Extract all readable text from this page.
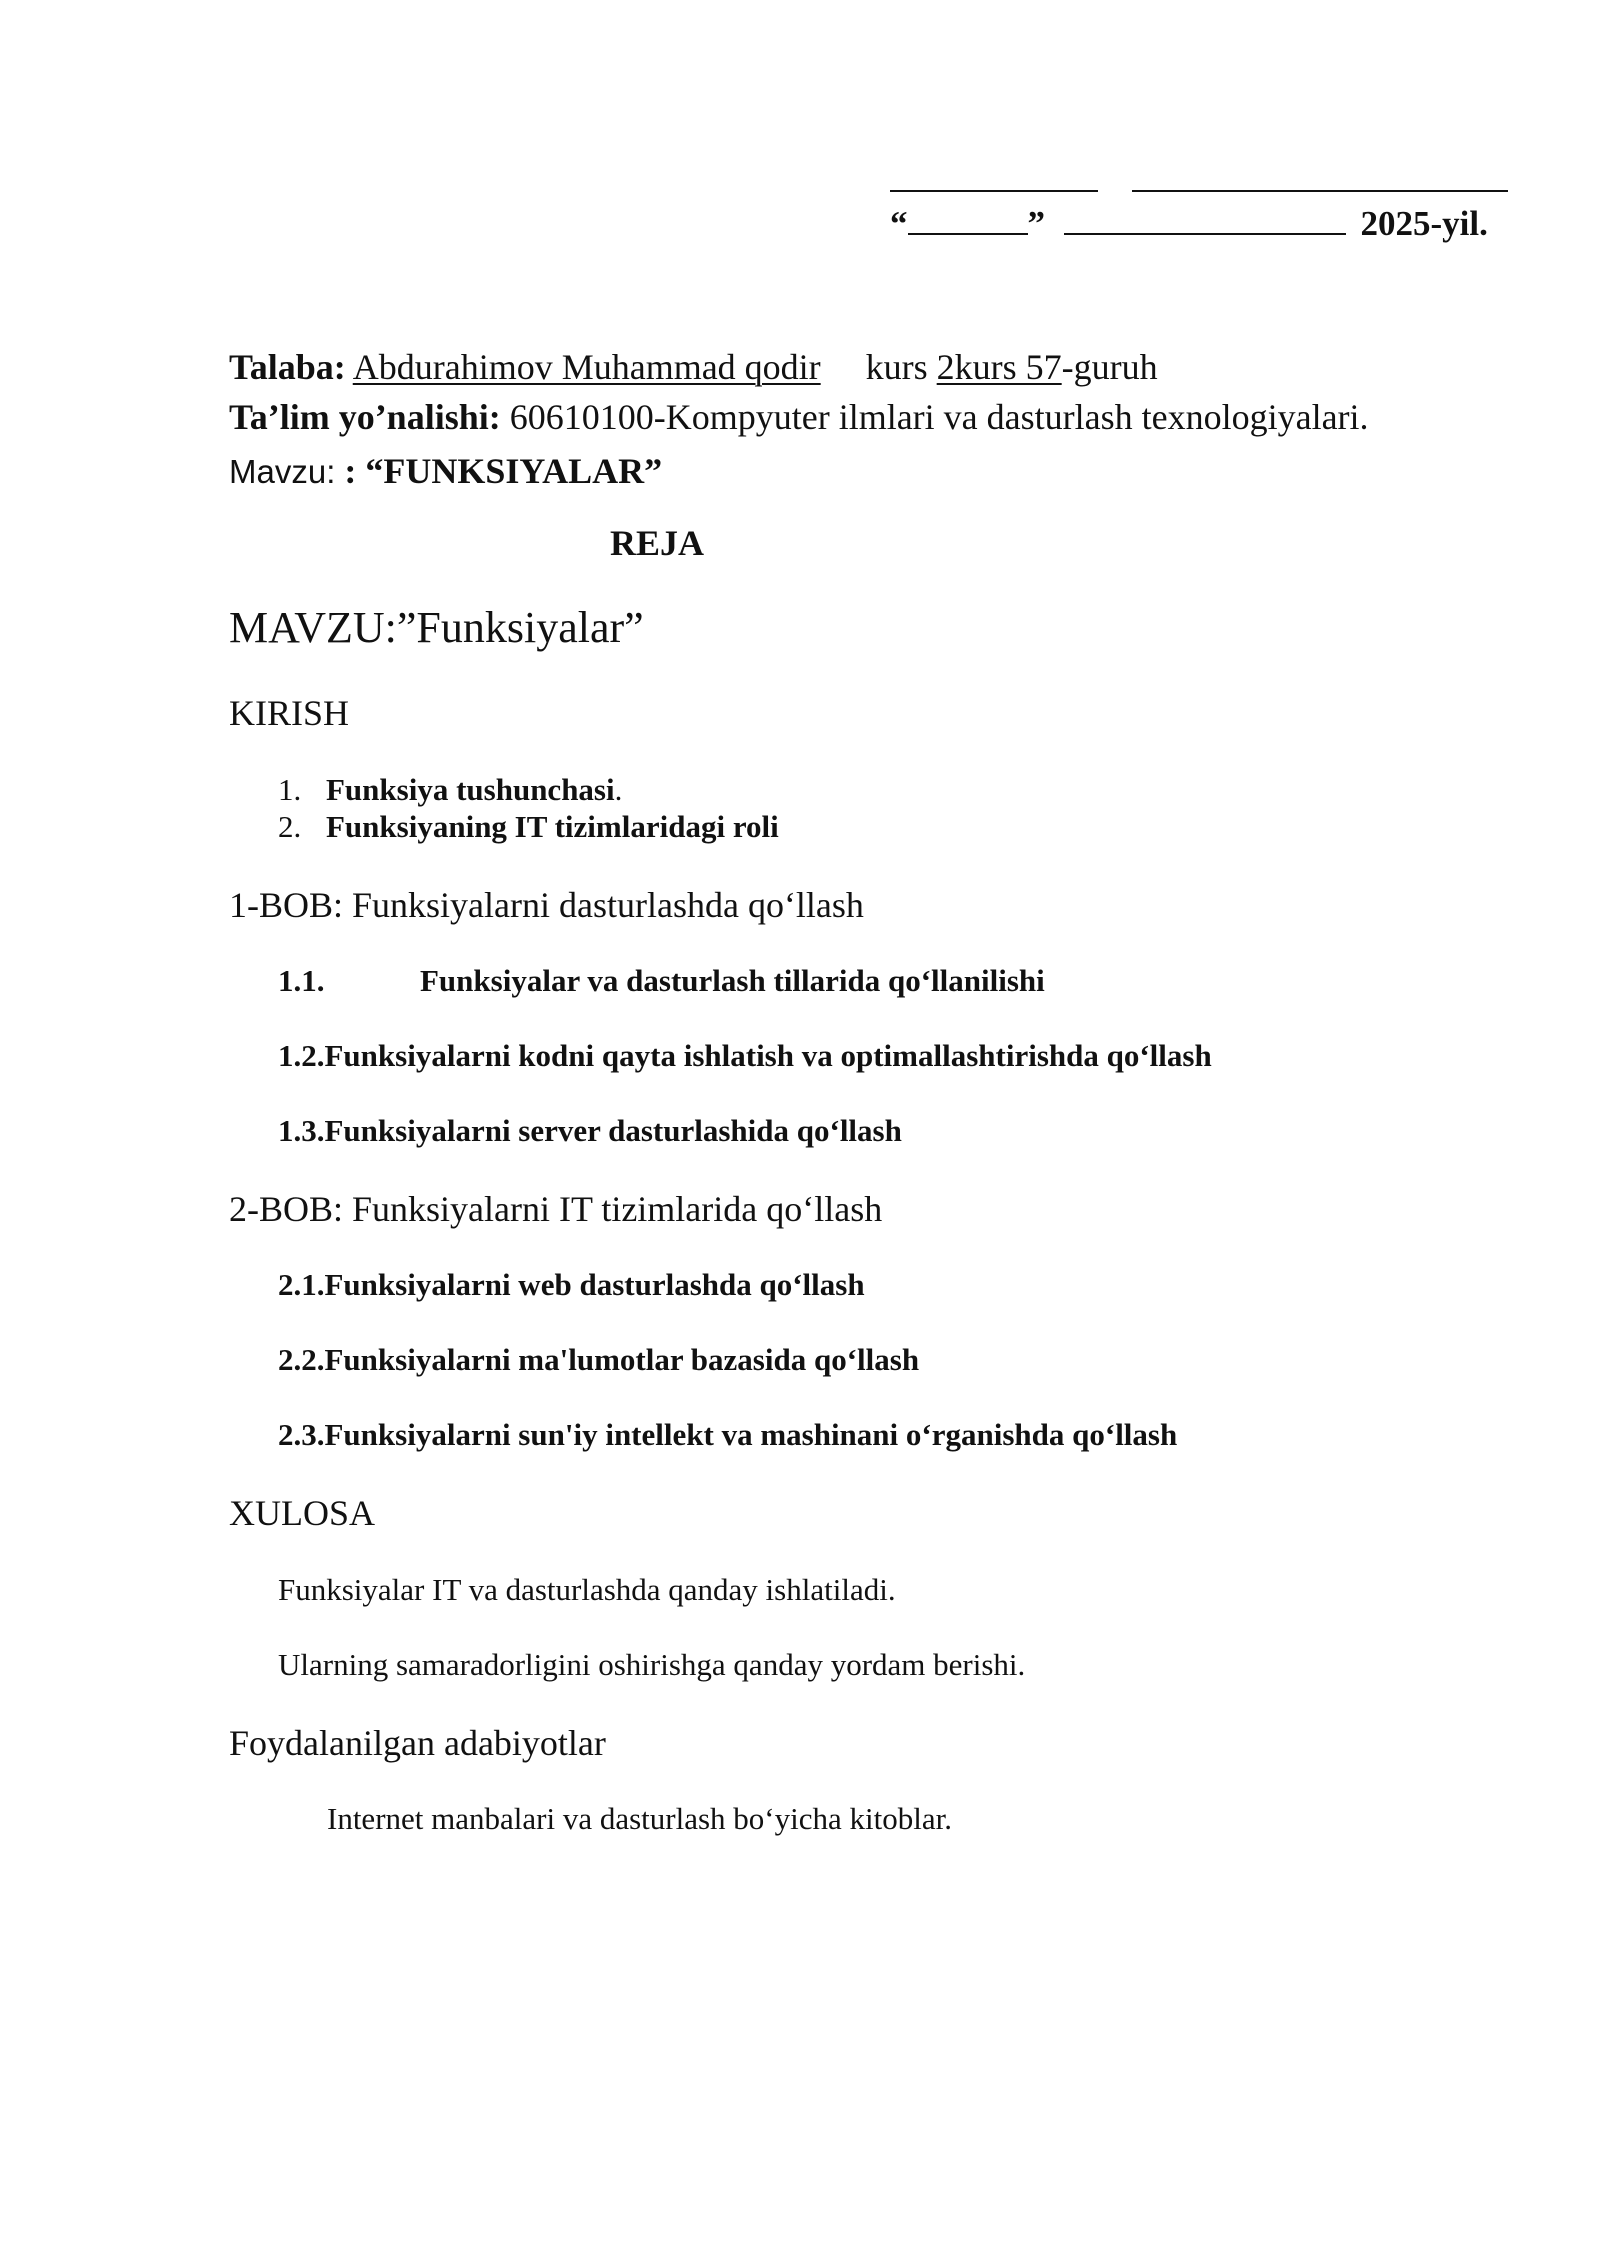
“	”	2025-yil.
Talaba: Abdurahimov Muhammad qodir kurs 2kurs 57-guruh
Ta’lim yo’nalishi: 60610100-Kompyuter ilmlari va dasturlash texnologiyalari.
Mavzu: : “FUNKSIYALAR”
REJA
MAVZU:”Funksiyalar”
KIRISH
1. Funksiya tushunchasi.
2. Funksiyaning IT tizimlaridagi roli
1-BOB: Funksiyalarni dasturlashda qo‘llash
1.1.	Funksiyalar va dasturlash tillarida qo‘llanilishi
1.2.Funksiyalarni kodni qayta ishlatish va optimallashtirishda qo‘llash
1.3.Funksiyalarni server dasturlashida qo‘llash
2-BOB: Funksiyalarni IT tizimlarida qo‘llash
2.1.Funksiyalarni web dasturlashda qo‘llash
2.2.Funksiyalarni ma'lumotlar bazasida qo‘llash
2.3.Funksiyalarni sun'iy intellekt va mashinani o‘rganishda qo‘llash
XULOSA
Funksiyalar IT va dasturlashda qanday ishlatiladi.
Ularning samaradorligini oshirishga qanday yordam berishi.
Foydalanilgan adabiyotlar
Internet manbalari va dasturlash bo‘yicha kitoblar.
